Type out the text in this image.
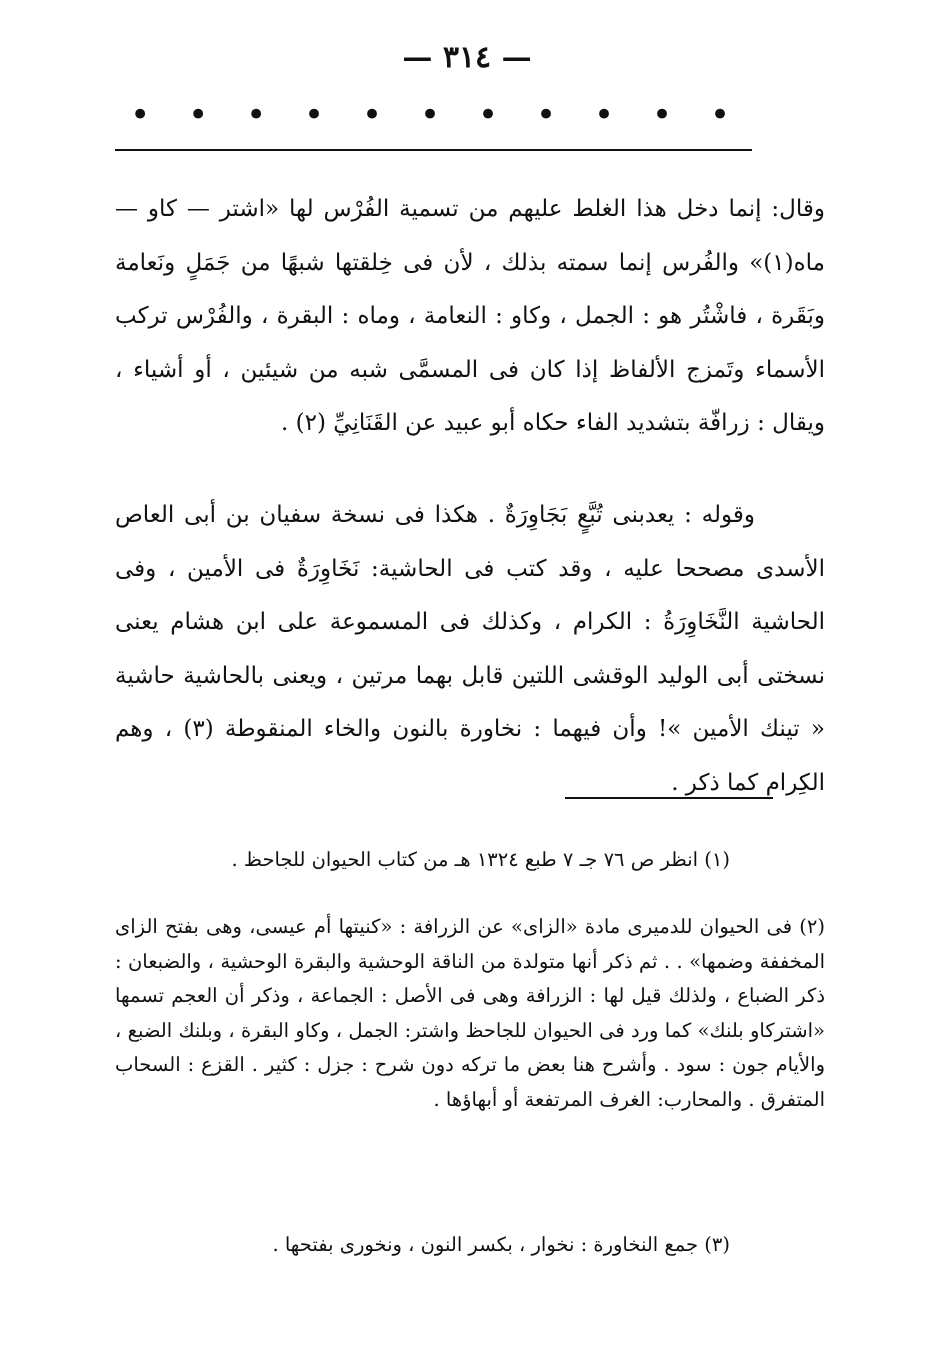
— ٣١٤ —
•
•
•
•
•
•
•
•
•
•
•

وقال: إنما دخل هذا الغلط عليهم من تسمية الفُرْس لها «اشتر — كاو — ماه(١)» والفُرس إنما سمته بذلك ، لأن فى خِلقتها شبهًا من جَمَلٍ ونَعامة وبَقَرة ، فاشْتُر هو : الجمل ، وكاو : النعامة ، وماه : البقرة ، والفُرْس تركب الأسماء وتَمزج الألفاظ إذا كان فى المسمَّى شبه من شيئين ، أو أشياء ، ويقال : زرافّة بتشديد الفاء حكاه أبو عبيد عن القَنَانِيِّ (٢) .

وقوله : يعدبنى تُبَّعٍ بَجَاوِرَةٌ . هكذا فى نسخة سفيان بن أبى العاص الأسدى مصححا عليه ، وقد كتب فى الحاشية: نَخَاوِرَةٌ فى الأمين ، وفى الحاشية النَّخَاوِرَةُ : الكرام ، وكذلك فى المسموعة على ابن هشام يعنى نسختى أبى الوليد الوقشى اللتين قابل بهما مرتين ، ويعنى بالحاشية حاشية « تينك الأمين »! وأن فيهما : نخاورة بالنون والخاء المنقوطة (٣) ، وهم الكِرام كما ذكر .

(١) انظر ص ٧٦ جـ ٧ طبع ١٣٢٤ هـ من كتاب الحيوان للجاحظ .

(٢) فى الحيوان للدميرى مادة «الزاى» عن الزرافة : «كنيتها أم عيسى، وهى بفتح الزاى المخففة وضمها» . . ثم ذكر أنها متولدة من الناقة الوحشية والبقرة الوحشية ، والضبعان : ذكر الضباع ، ولذلك قيل لها : الزرافة وهى فى الأصل : الجماعة ، وذكر أن العجم تسمها «اشتركاو بلنك» كما ورد فى الحيوان للجاحظ واشتر: الجمل ، وكاو البقرة ، وبلنك الضبع ، والأيام جون : سود . وأشرح هنا بعض ما تركه دون شرح : جزل : كثير . القزع : السحاب المتفرق . والمحارب: الغرف المرتفعة أو أبهاؤها .

(٣) جمع النخاورة : نخوار ، بكسر النون ، ونخورى بفتحها .
